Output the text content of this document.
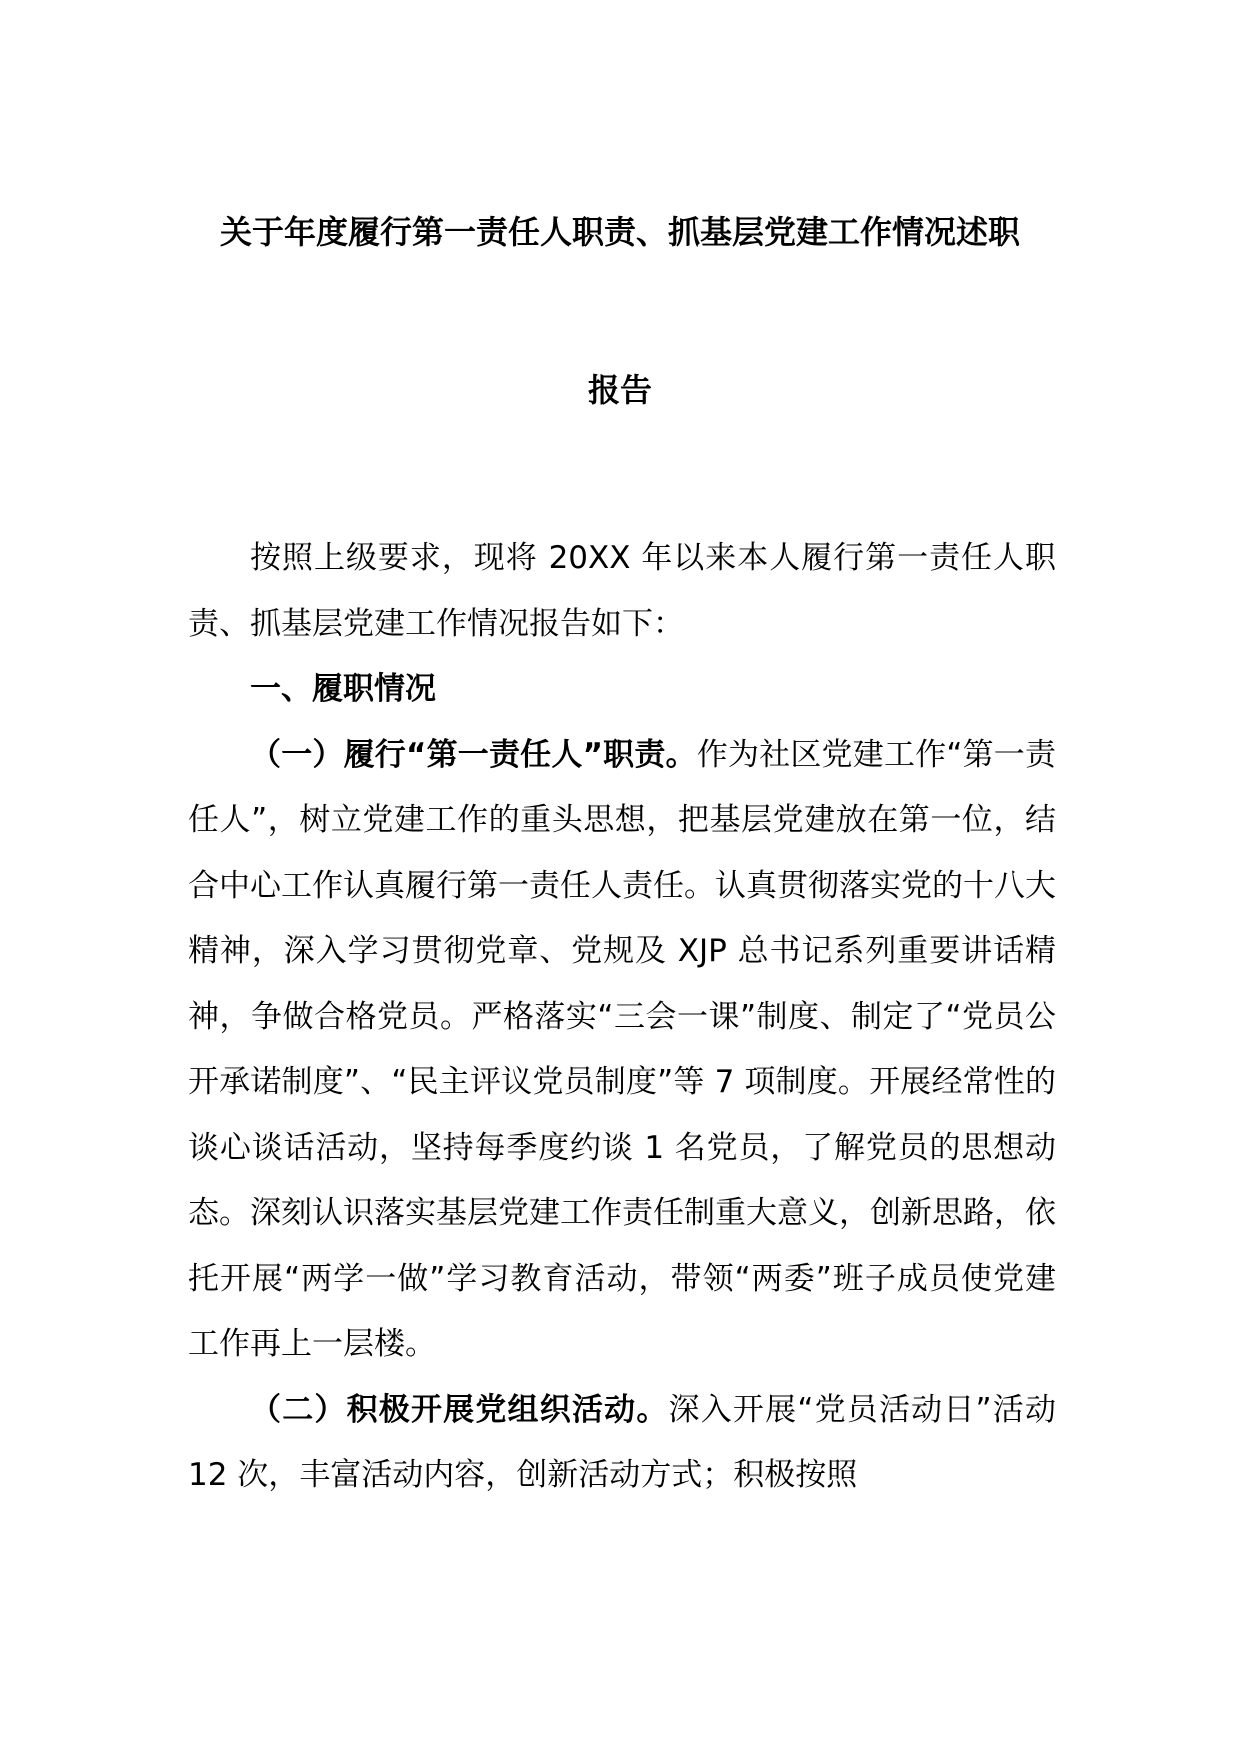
关于年度履行第一责任人职责、抓基层党建工作情况述职
报告

按照上级要求，现将 20XX 年以来本人履行第一责任人职责、抓基层党建工作情况报告如下：

一、履职情况

（一）履行“第一责任人”职责。作为社区党建工作“第一责任人”，树立党建工作的重头思想，把基层党建放在第一位，结合中心工作认真履行第一责任人责任。认真贯彻落实党的十八大精神，深入学习贯彻党章、党规及 XJP 总书记系列重要讲话精神，争做合格党员。严格落实“三会一课”制度、制定了“党员公开承诺制度”、“民主评议党员制度”等 7 项制度。开展经常性的谈心谈话活动，坚持每季度约谈 1 名党员，了解党员的思想动态。深刻认识落实基层党建工作责任制重大意义，创新思路，依托开展“两学一做”学习教育活动，带领“两委”班子成员使党建工作再上一层楼。

（二）积极开展党组织活动。深入开展“党员活动日”活动 12 次，丰富活动内容，创新活动方式；积极按照
